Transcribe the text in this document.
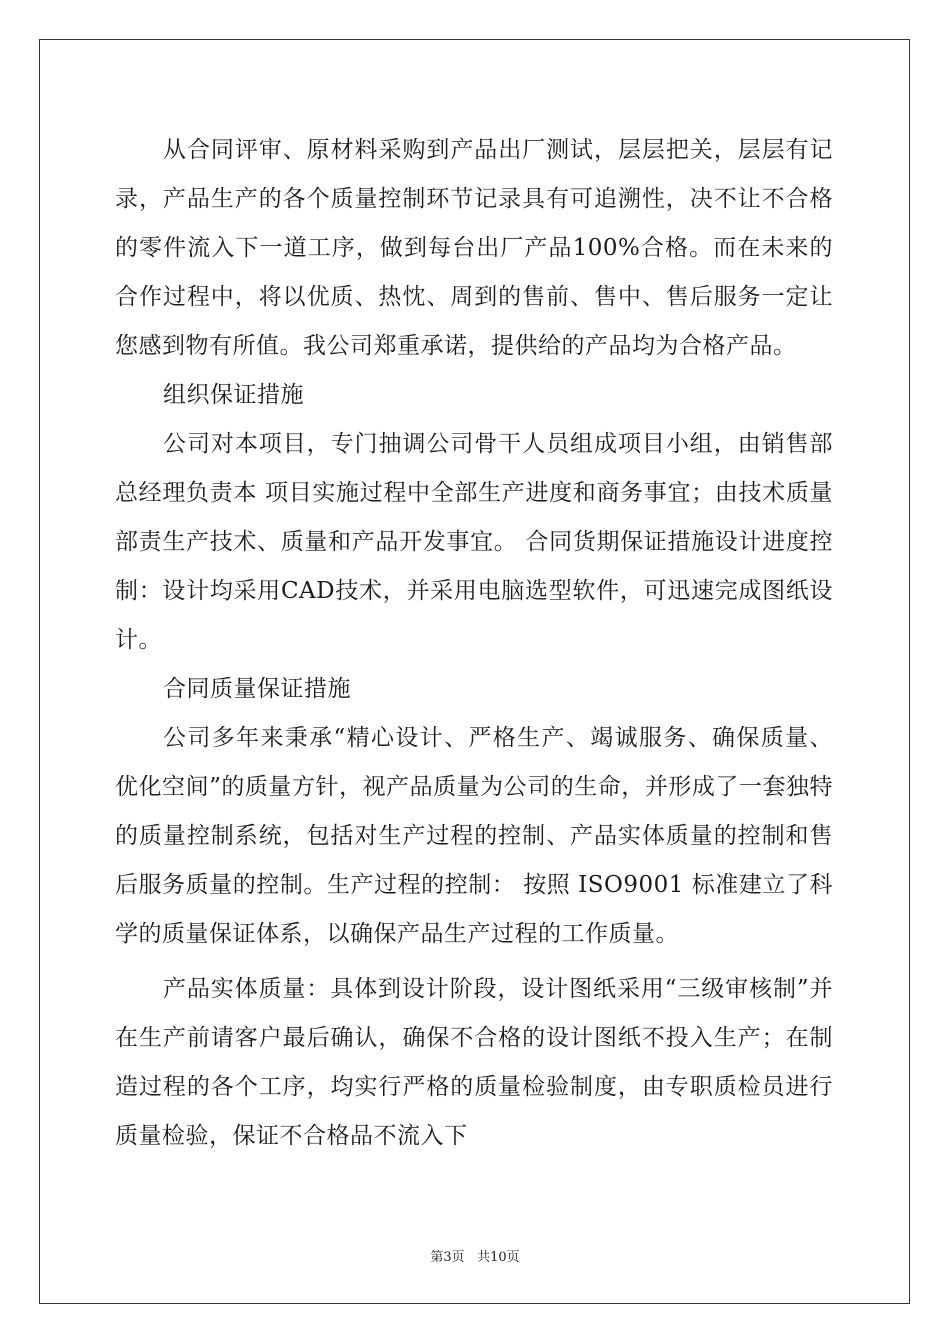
从合同评审、原材料采购到产品出厂测试，层层把关，层层有记录，产品生产的各个质量控制环节记录具有可追溯性，决不让不合格的零件流入下一道工序，做到每台出厂产品100%合格。而在未来的合作过程中，将以优质、热忱、周到的售前、售中、售后服务一定让您感到物有所值。我公司郑重承诺，提供给的产品均为合格产品。

组织保证措施

公司对本项目，专门抽调公司骨干人员组成项目小组，由销售部总经理负责本 项目实施过程中全部生产进度和商务事宜；由技术质量部责生产技术、质量和产品开发事宜。 合同货期保证措施设计进度控制：设计均采用CAD技术，并采用电脑选型软件，可迅速完成图纸设计。

合同质量保证措施

公司多年来秉承“精心设计、严格生产、竭诚服务、确保质量、优化空间”的质量方针，视产品质量为公司的生命，并形成了一套独特的质量控制系统，包括对生产过程的控制、产品实体质量的控制和售后服务质量的控制。生产过程的控制： 按照 ISO9001 标准建立了科学的质量保证体系，以确保产品生产过程的工作质量。

产品实体质量：具体到设计阶段，设计图纸采用“三级审核制”并在生产前请客户最后确认，确保不合格的设计图纸不投入生产；在制造过程的各个工序，均实行严格的质量检验制度，由专职质检员进行质量检验，保证不合格品不流入下

第3页 共10页
